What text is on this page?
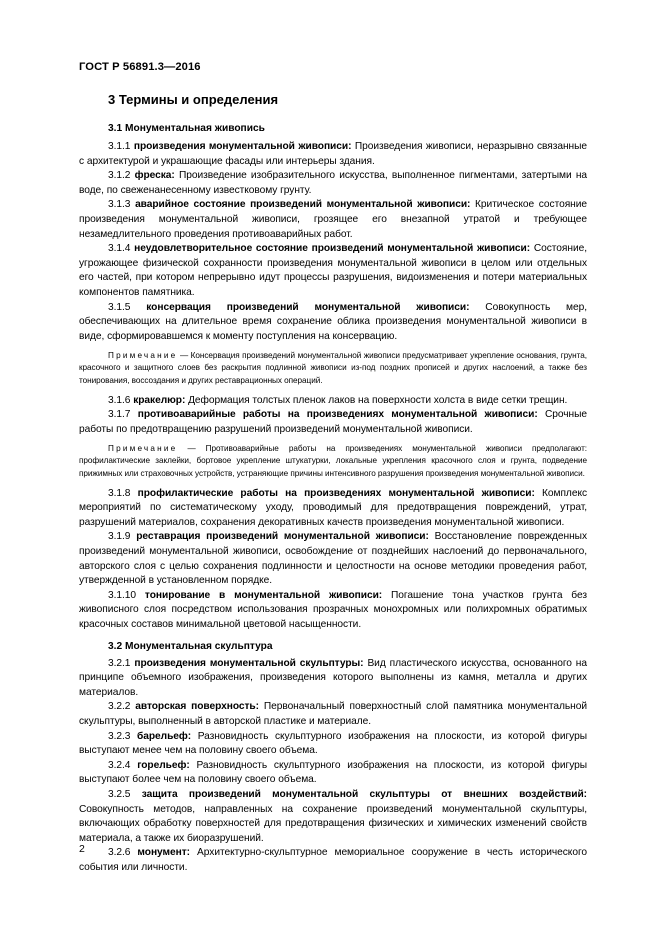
ГОСТ Р 56891.3—2016
3 Термины и определения
3.1 Монументальная живопись

3.1.1 произведения монументальной живописи: Произведения живописи, неразрывно связанные с архитектурой и украшающие фасады или интерьеры здания.

3.1.2 фреска: Произведение изобразительного искусства, выполненное пигментами, затертыми на воде, по свеженанесенному известковому грунту.

3.1.3 аварийное состояние произведений монументальной живописи: Критическое состояние произведения монументальной живописи, грозящее его внезапной утратой и требующее незамедлительного проведения противоаварийных работ.

3.1.4 неудовлетворительное состояние произведений монументальной живописи: Состояние, угрожающее физической сохранности произведения монументальной живописи в целом или отдельных его частей, при котором непрерывно идут процессы разрушения, видоизменения и потери материальных компонентов памятника.

3.1.5 консервация произведений монументальной живописи: Совокупность мер, обеспечивающих на длительное время сохранение облика произведения монументальной живописи в виде, сформировавшемся к моменту поступления на консервацию.

Примечание — Консервация произведений монументальной живописи предусматривает укрепление основания, грунта, красочного и защитного слоев без раскрытия подлинной живописи из-под поздних прописей и других наслоений, а также без тонирования, воссоздания и других реставрационных операций.

3.1.6 кракелюр: Деформация толстых пленок лаков на поверхности холста в виде сетки трещин.

3.1.7 противоаварийные работы на произведениях монументальной живописи: Срочные работы по предотвращению разрушений произведений монументальной живописи.

Примечание — Противоаварийные работы на произведениях монументальной живописи предполагают: профилактические заклейки, бортовое укрепление штукатурки, локальные укрепления красочного слоя и грунта, подведение прижимных или страховочных устройств, устраняющие причины интенсивного разрушения произведения монументальной живописи.

3.1.8 профилактические работы на произведениях монументальной живописи: Комплекс мероприятий по систематическому уходу, проводимый для предотвращения повреждений, утрат, разрушений материалов, сохранения декоративных качеств произведения монументальной живописи.

3.1.9 реставрация произведений монументальной живописи: Восстановление поврежденных произведений монументальной живописи, освобождение от позднейших наслоений до первоначального, авторского слоя с целью сохранения подлинности и целостности на основе методики проведения работ, утвержденной в установленном порядке.

3.1.10 тонирование в монументальной живописи: Погашение тона участков грунта без живописного слоя посредством использования прозрачных монохромных или полихромных обратимых красочных составов минимальной цветовой насыщенности.

3.2 Монументальная скульптура

3.2.1 произведения монументальной скульптуры: Вид пластического искусства, основанного на принципе объемного изображения, произведения которого выполнены из камня, металла и других материалов.

3.2.2 авторская поверхность: Первоначальный поверхностный слой памятника монументальной скульптуры, выполненный в авторской пластике и материале.

3.2.3 барельеф: Разновидность скульптурного изображения на плоскости, из которой фигуры выступают менее чем на половину своего объема.

3.2.4 горельеф: Разновидность скульптурного изображения на плоскости, из которой фигуры выступают более чем на половину своего объема.

3.2.5 защита произведений монументальной скульптуры от внешних воздействий: Совокупность методов, направленных на сохранение произведений монументальной скульптуры, включающих обработку поверхностей для предотвращения физических и химических изменений свойств материала, а также их биоразрушений.

3.2.6 монумент: Архитектурно-скульптурное мемориальное сооружение в честь исторического события или личности.

2
